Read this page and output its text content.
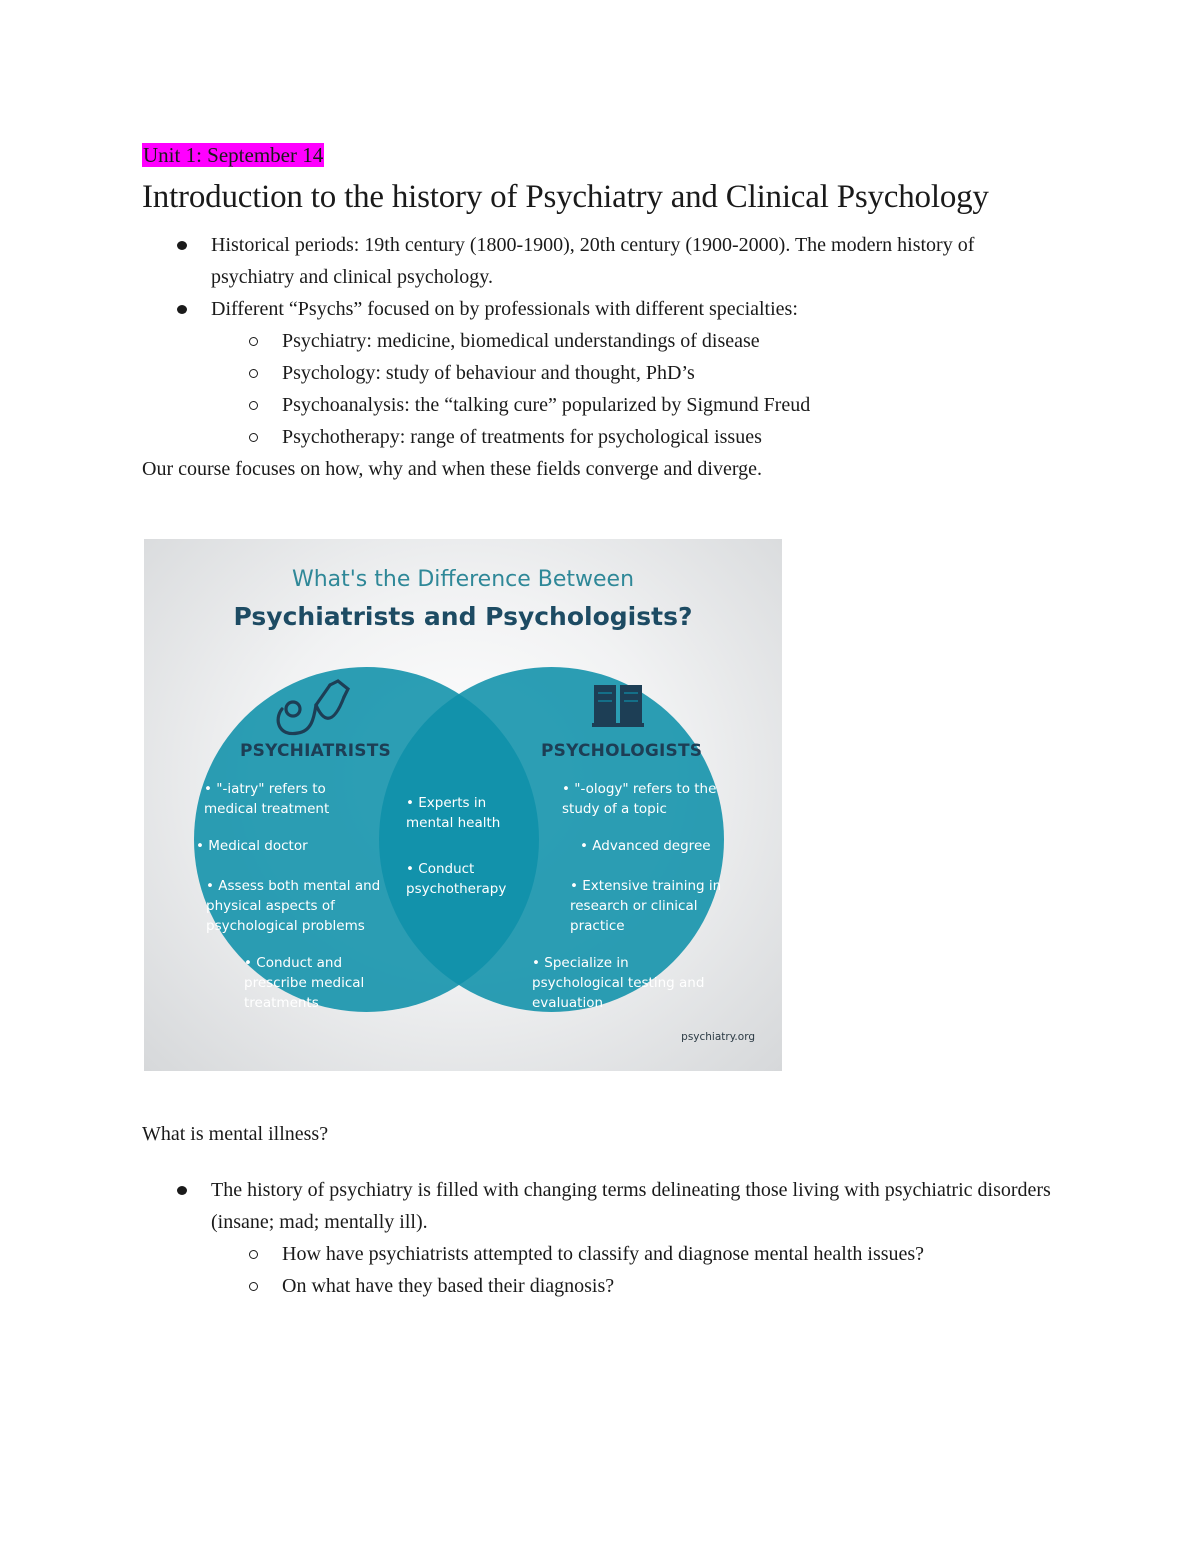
Unit 1: September 14

Introduction to the history of Psychiatry and Clinical Psychology
Historical periods: 19th century (1800-1900), 20th century (1900-2000). The modern history of psychiatry and clinical psychology.
Different “Psychs” focused on by professionals with different specialties:
Psychiatry: medicine, biomedical understandings of disease
Psychology: study of behaviour and thought, PhD’s
Psychoanalysis: the “talking cure” popularized by Sigmund Freud
Psychotherapy: range of treatments for psychological issues

Our course focuses on how, why and when these fields converge and diverge.

What's the Difference Between
Psychiatrists and Psychologists?
PSYCHIATRISTS	PSYCHOLOGISTS
• "-iatry" refers to medical treatment
• Medical doctor
• Assess both mental and physical aspects of psychological problems
• Conduct and prescribe medical treatments
• Experts in mental health
• Conduct psychotherapy
• "-ology" refers to the study of a topic
• Advanced degree
• Extensive training in research or clinical practice
• Specialize in psychological testing and evaluation
psychiatry.org

What is mental illness?

The history of psychiatry is filled with changing terms delineating those living with psychiatric disorders (insane; mad; mentally ill).
How have psychiatrists attempted to classify and diagnose mental health issues?
On what have they based their diagnosis?
